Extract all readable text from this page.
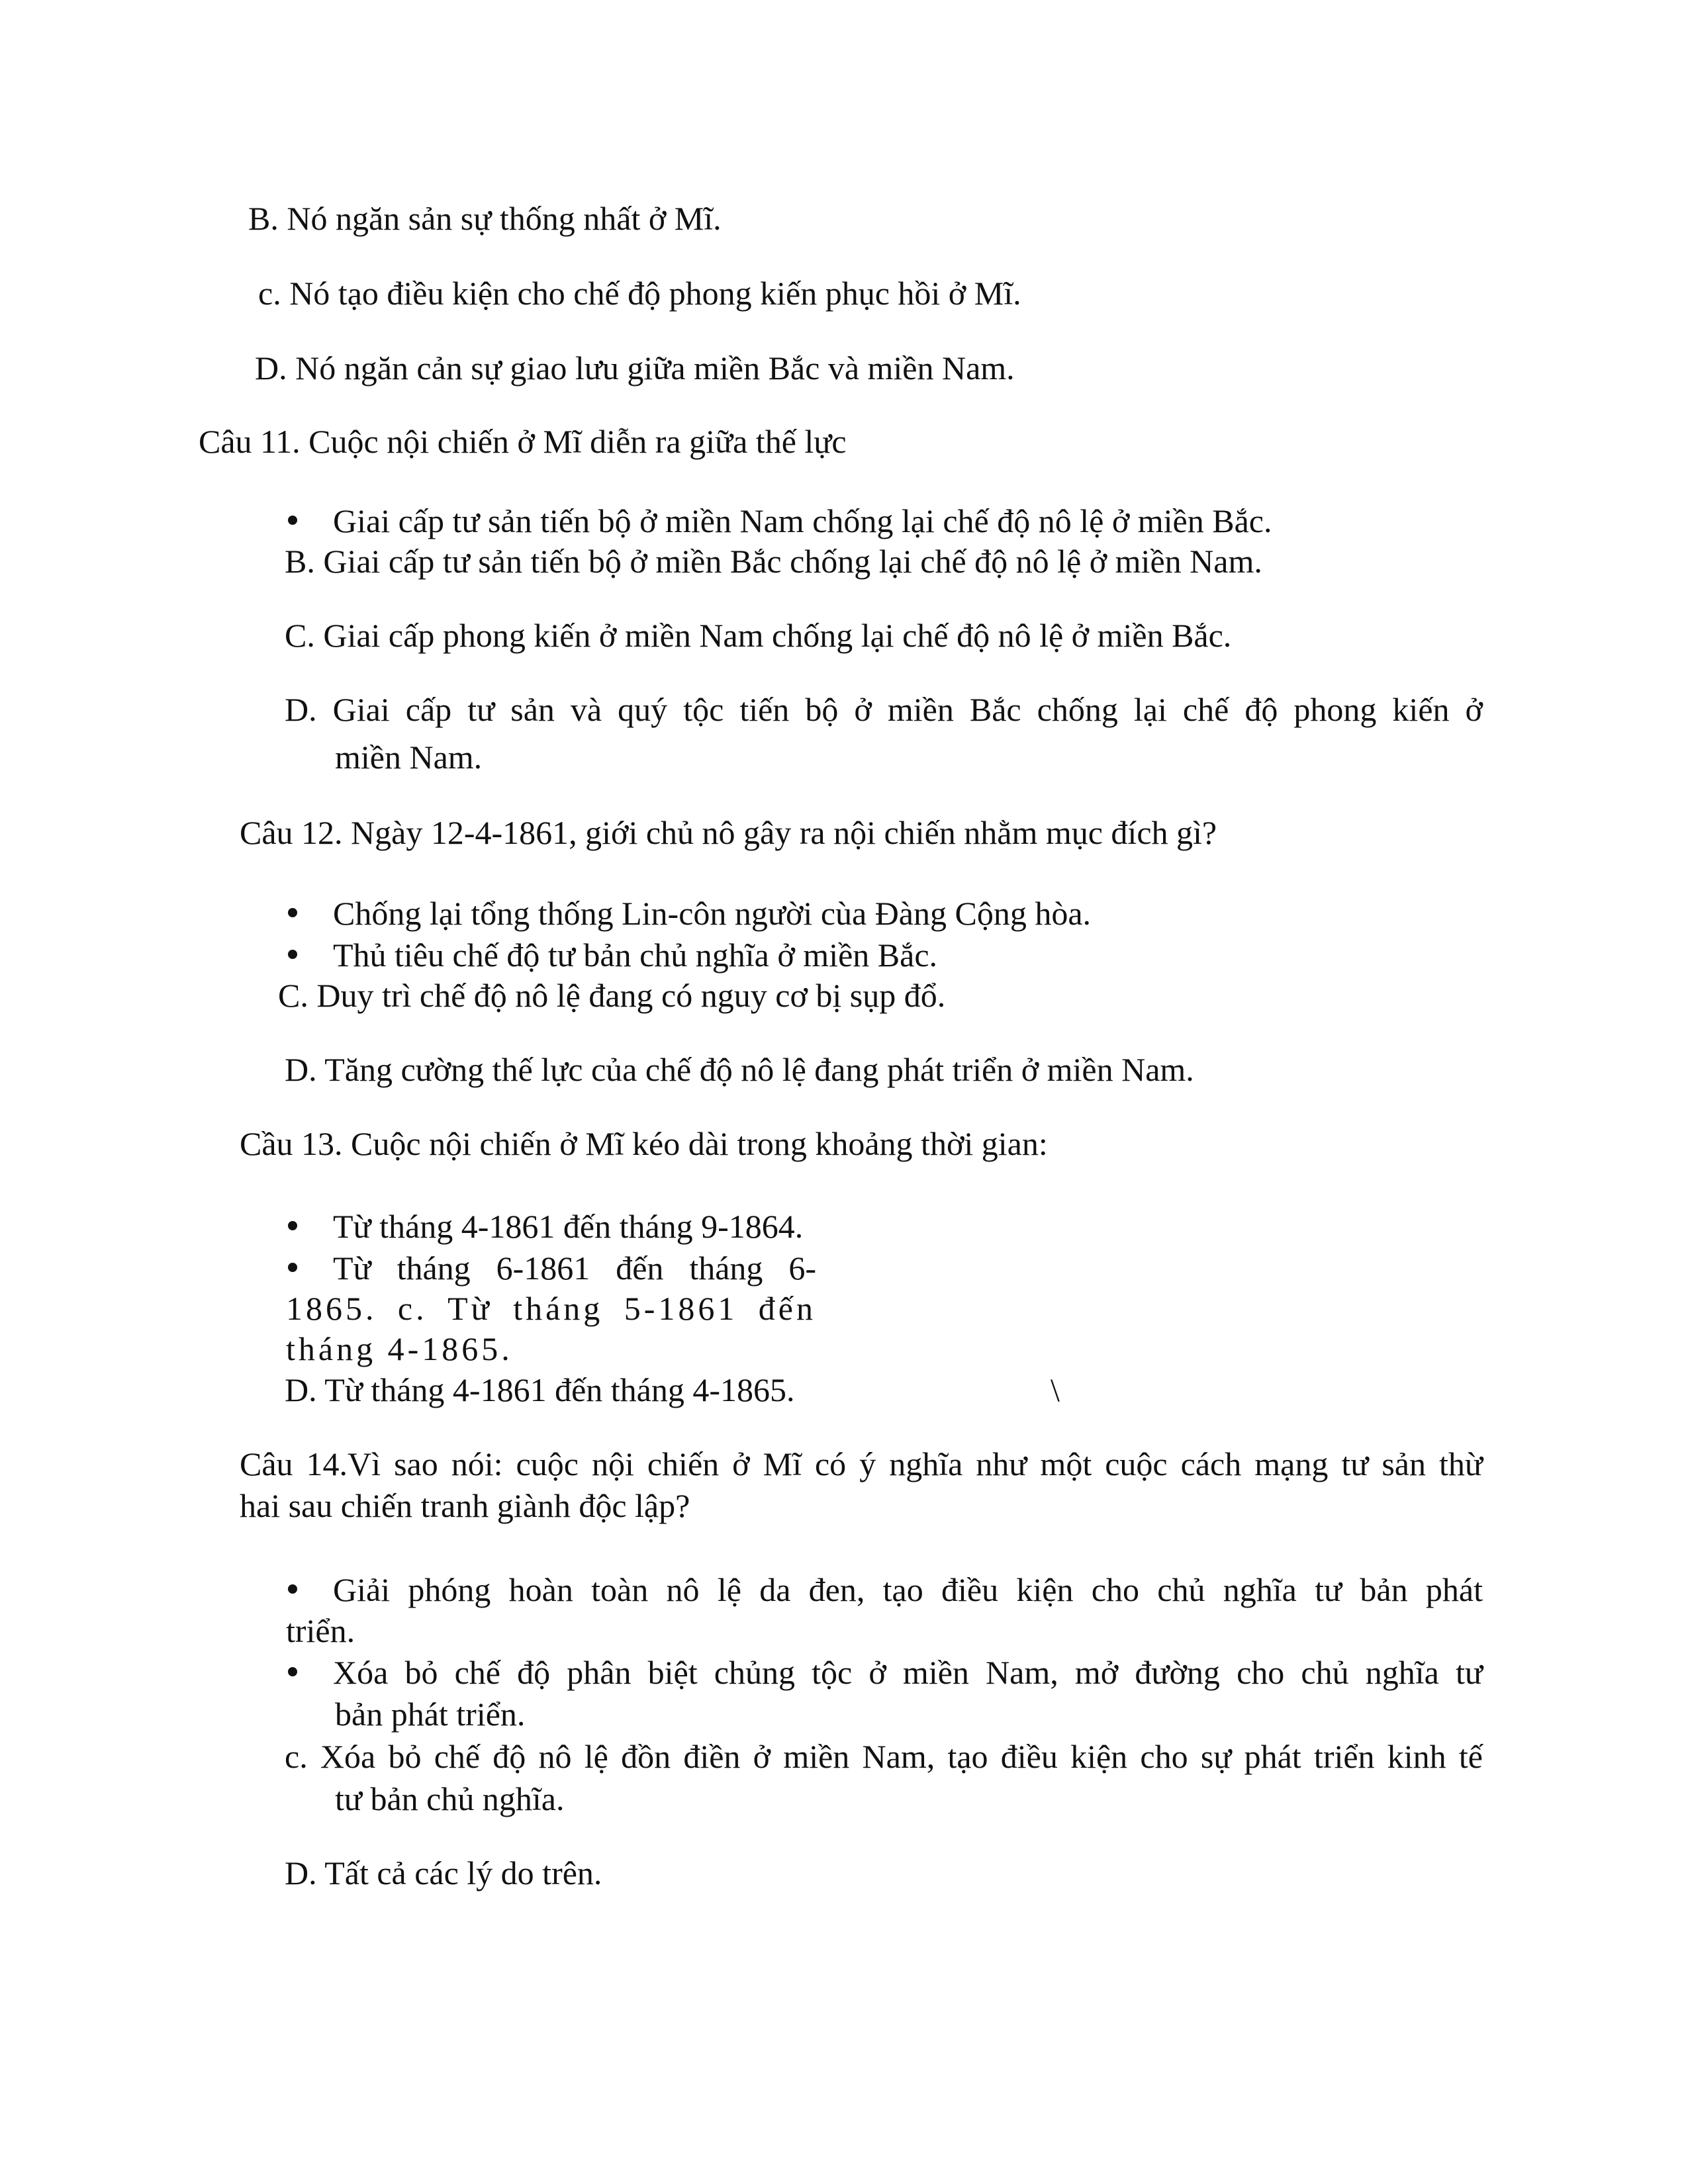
B. Nó ngăn sản sự thống nhất ở Mĩ.

c. Nó tạo điều kiện cho chế độ phong kiến phục hồi ở Mĩ.

D. Nó ngăn cản sự giao lưu giữa miền Bắc và miền Nam.

Câu 11. Cuộc nội chiến ở Mĩ diễn ra giữa thế lực

Giai cấp tư sản tiến bộ ở miền Nam chống lại chế độ nô lệ ở miền Bắc.

B. Giai cấp tư sản tiến bộ ở miền Bắc chống lại chế độ nô lệ ở miền Nam.

C. Giai cấp phong kiến ở miền Nam chống lại chế độ nô lệ ở miền Bắc.

D. Giai cấp tư sản và quý tộc tiến bộ ở miền Bắc chống lại chế độ phong kiến ở

miền Nam.

Câu 12. Ngày 12-4-1861, giới chủ nô gây ra nội chiến nhằm mục đích gì?

Chống lại tổng thống Lin-côn người cùa Đàng Cộng hòa.

Thủ tiêu chế độ tư bản chủ nghĩa ở miền Bắc.

C. Duy trì chế độ nô lệ đang có nguy cơ bị sụp đổ.

D. Tăng cường thế lực của chế độ nô lệ đang phát triển ở miền Nam.

Cầu 13. Cuộc nội chiến ở Mĩ kéo dài trong khoảng thời gian:

Từ tháng 4-1861 đến tháng 9-1864.

Từ tháng 6-1861 đến tháng 6-

1865. c. Từ tháng 5-1861 đến

tháng 4-1865.

D. Từ tháng 4-1861 đến tháng 4-1865.	\

Câu 14.Vì sao nói: cuộc nội chiến ở Mĩ có ý nghĩa như một cuộc cách mạng tư sản thừ

hai sau chiến tranh giành độc lập?

Giải phóng hoàn toàn nô lệ da đen, tạo điều kiện cho chủ nghĩa tư bản phát

triển.

Xóa bỏ chế độ phân biệt chủng tộc ở miền Nam, mở đường cho chủ nghĩa tư

bản phát triển.

c. Xóa bỏ chế độ nô lệ đồn điền ở miền Nam, tạo điều kiện cho sự phát triển kinh tế

tư bản chủ nghĩa.

D. Tất cả các lý do trên.
